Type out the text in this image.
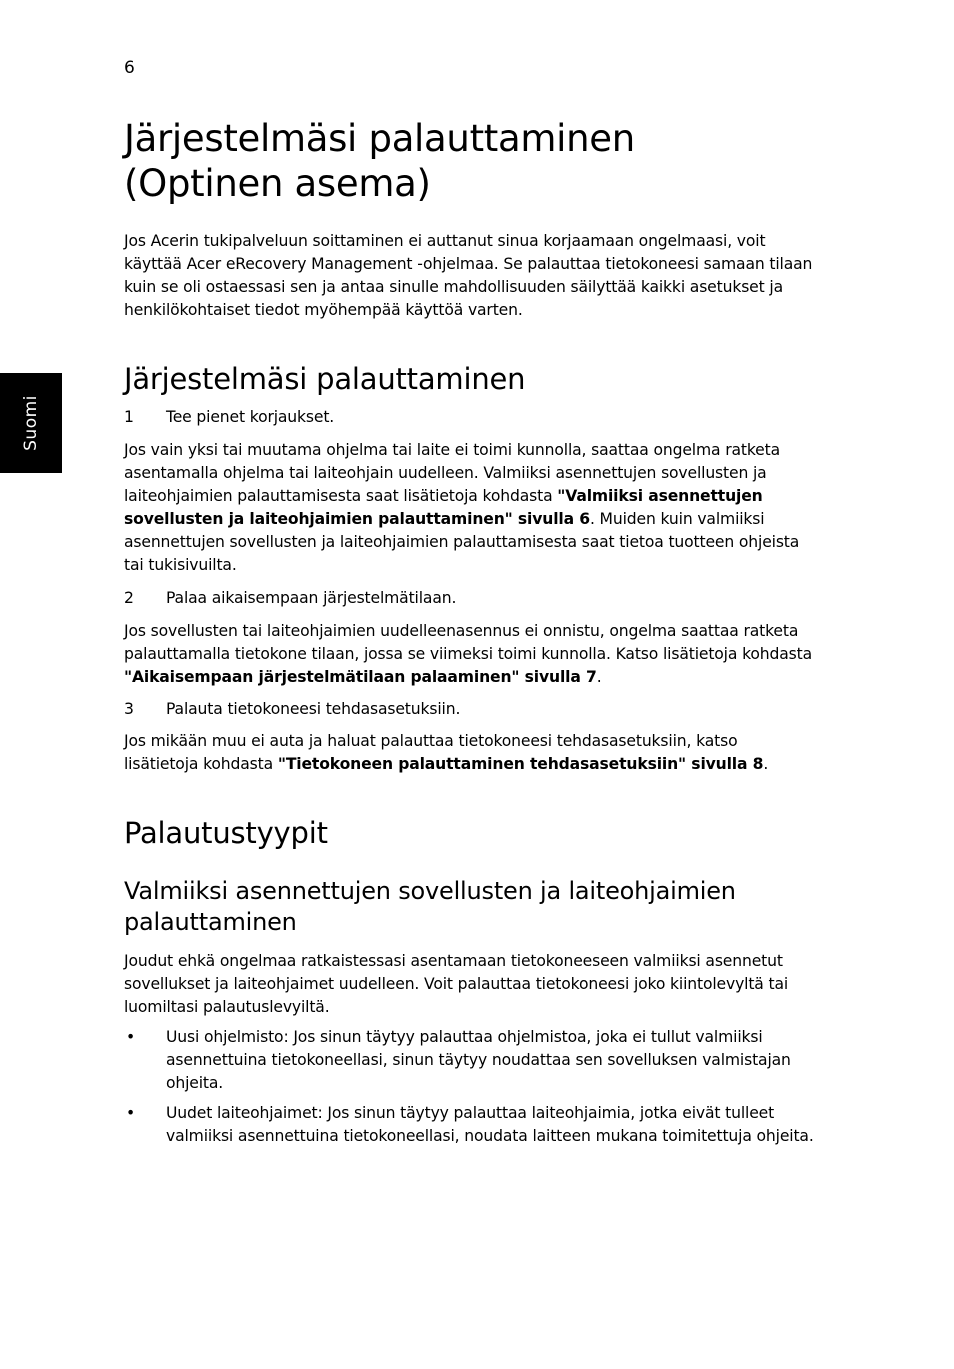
6
Suomi
Järjestelmäsi palauttaminen
(Optinen asema)

Jos Acerin tukipalveluun soittaminen ei auttanut sinua korjaamaan ongelmaasi, voit käyttää Acer eRecovery Management -ohjelmaa. Se palauttaa tietokoneesi samaan tilaan kuin se oli ostaessasi sen ja antaa sinulle mahdollisuuden säilyttää kaikki asetukset ja henkilökohtaiset tiedot myöhempää käyttöä varten.

Järjestelmäsi palauttaminen
1	Tee pienet korjaukset.

Jos vain yksi tai muutama ohjelma tai laite ei toimi kunnolla, saattaa ongelma ratketa asentamalla ohjelma tai laiteohjain uudelleen. Valmiiksi asennettujen sovellusten ja laiteohjaimien palauttamisesta saat lisätietoja kohdasta "Valmiiksi asennettujen sovellusten ja laiteohjaimien palauttaminen" sivulla 6. Muiden kuin valmiiksi asennettujen sovellusten ja laiteohjaimien palauttamisesta saat tietoa tuotteen ohjeista tai tukisivuilta.

2	Palaa aikaisempaan järjestelmätilaan.

Jos sovellusten tai laiteohjaimien uudelleenasennus ei onnistu, ongelma saattaa ratketa palauttamalla tietokone tilaan, jossa se viimeksi toimi kunnolla. Katso lisätietoja kohdasta "Aikaisempaan järjestelmätilaan palaaminen" sivulla 7.

3	Palauta tietokoneesi tehdasasetuksiin.

Jos mikään muu ei auta ja haluat palauttaa tietokoneesi tehdasasetuksiin, katso lisätietoja kohdasta "Tietokoneen palauttaminen tehdasasetuksiin" sivulla 8.

Palautustyypit
Valmiiksi asennettujen sovellusten ja laiteohjaimien palauttaminen

Joudut ehkä ongelmaa ratkaistessasi asentamaan tietokoneeseen valmiiksi asennetut sovellukset ja laiteohjaimet uudelleen. Voit palauttaa tietokoneesi joko kiintolevyltä tai luomiltasi palautuslevyiltä.

•	Uusi ohjelmisto: Jos sinun täytyy palauttaa ohjelmistoa, joka ei tullut valmiiksi asennettuina tietokoneellasi, sinun täytyy noudattaa sen sovelluksen valmistajan ohjeita.
•	Uudet laiteohjaimet: Jos sinun täytyy palauttaa laiteohjaimia, jotka eivät tulleet valmiiksi asennettuina tietokoneellasi, noudata laitteen mukana toimitettuja ohjeita.
